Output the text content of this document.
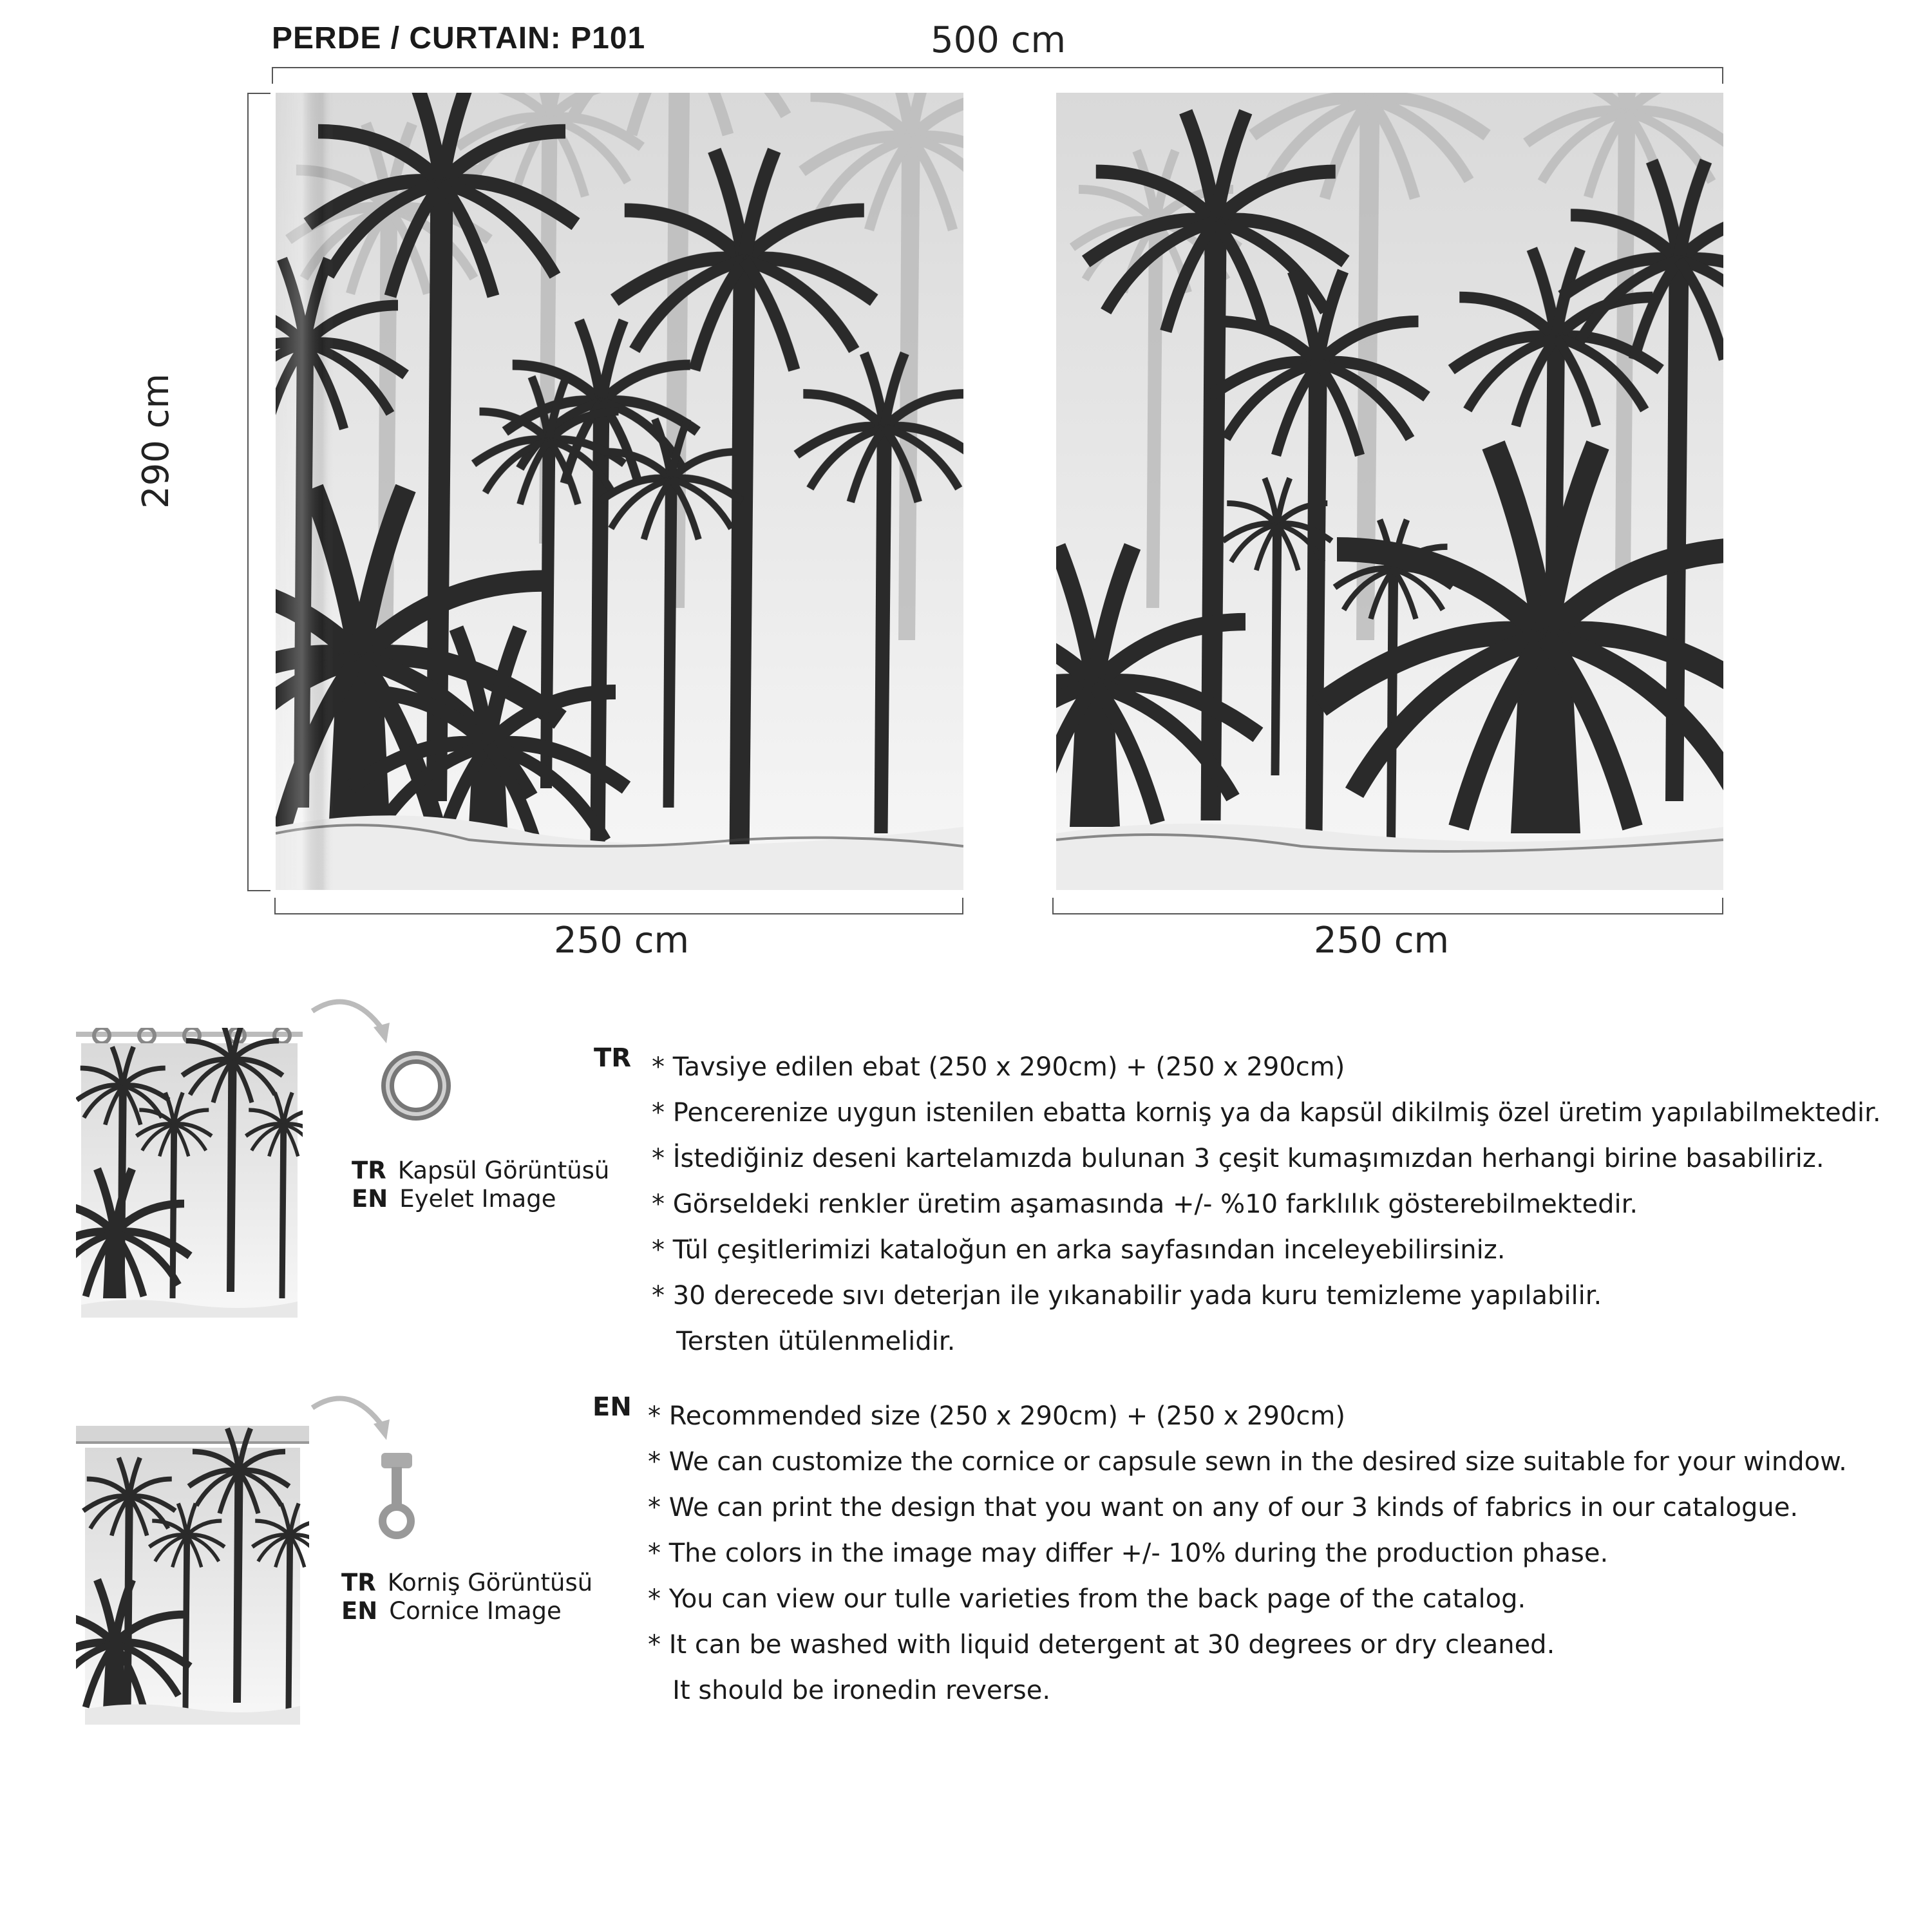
PERDE / CURTAIN: P101	500 cm
290 cm
250 cm	250 cm
TR Kapsül Görüntüsü
EN Eyelet Image
TR Korniş Görüntüsü
EN Cornice Image
TR * Tavsiye edilen ebat (250 x 290cm) + (250 x 290cm)
* Pencerenize uygun istenilen ebatta korniş ya da kapsül dikilmiş özel üretim yapılabilmektedir.
* İstediğiniz deseni kartelamızda bulunan 3 çeşit kumaşımızdan herhangi birine basabiliriz.
* Görseldeki renkler üretim aşamasında +/- %10 farklılık gösterebilmektedir.
* Tül çeşitlerimizi kataloğun en arka sayfasından inceleyebilirsiniz.
* 30 derecede sıvı deterjan ile yıkanabilir yada kuru temizleme yapılabilir.
Tersten ütülenmelidir.
EN * Recommended size (250 x 290cm) + (250 x 290cm)
* We can customize the cornice or capsule sewn in the desired size suitable for your window.
* We can print the design that you want on any of our 3 kinds of fabrics in our catalogue.
* The colors in the image may differ +/- 10% during the production phase.
* You can view our tulle varieties from the back page of the catalog.
* It can be washed with liquid detergent at 30 degrees or dry cleaned.
It should be ironedin reverse.
